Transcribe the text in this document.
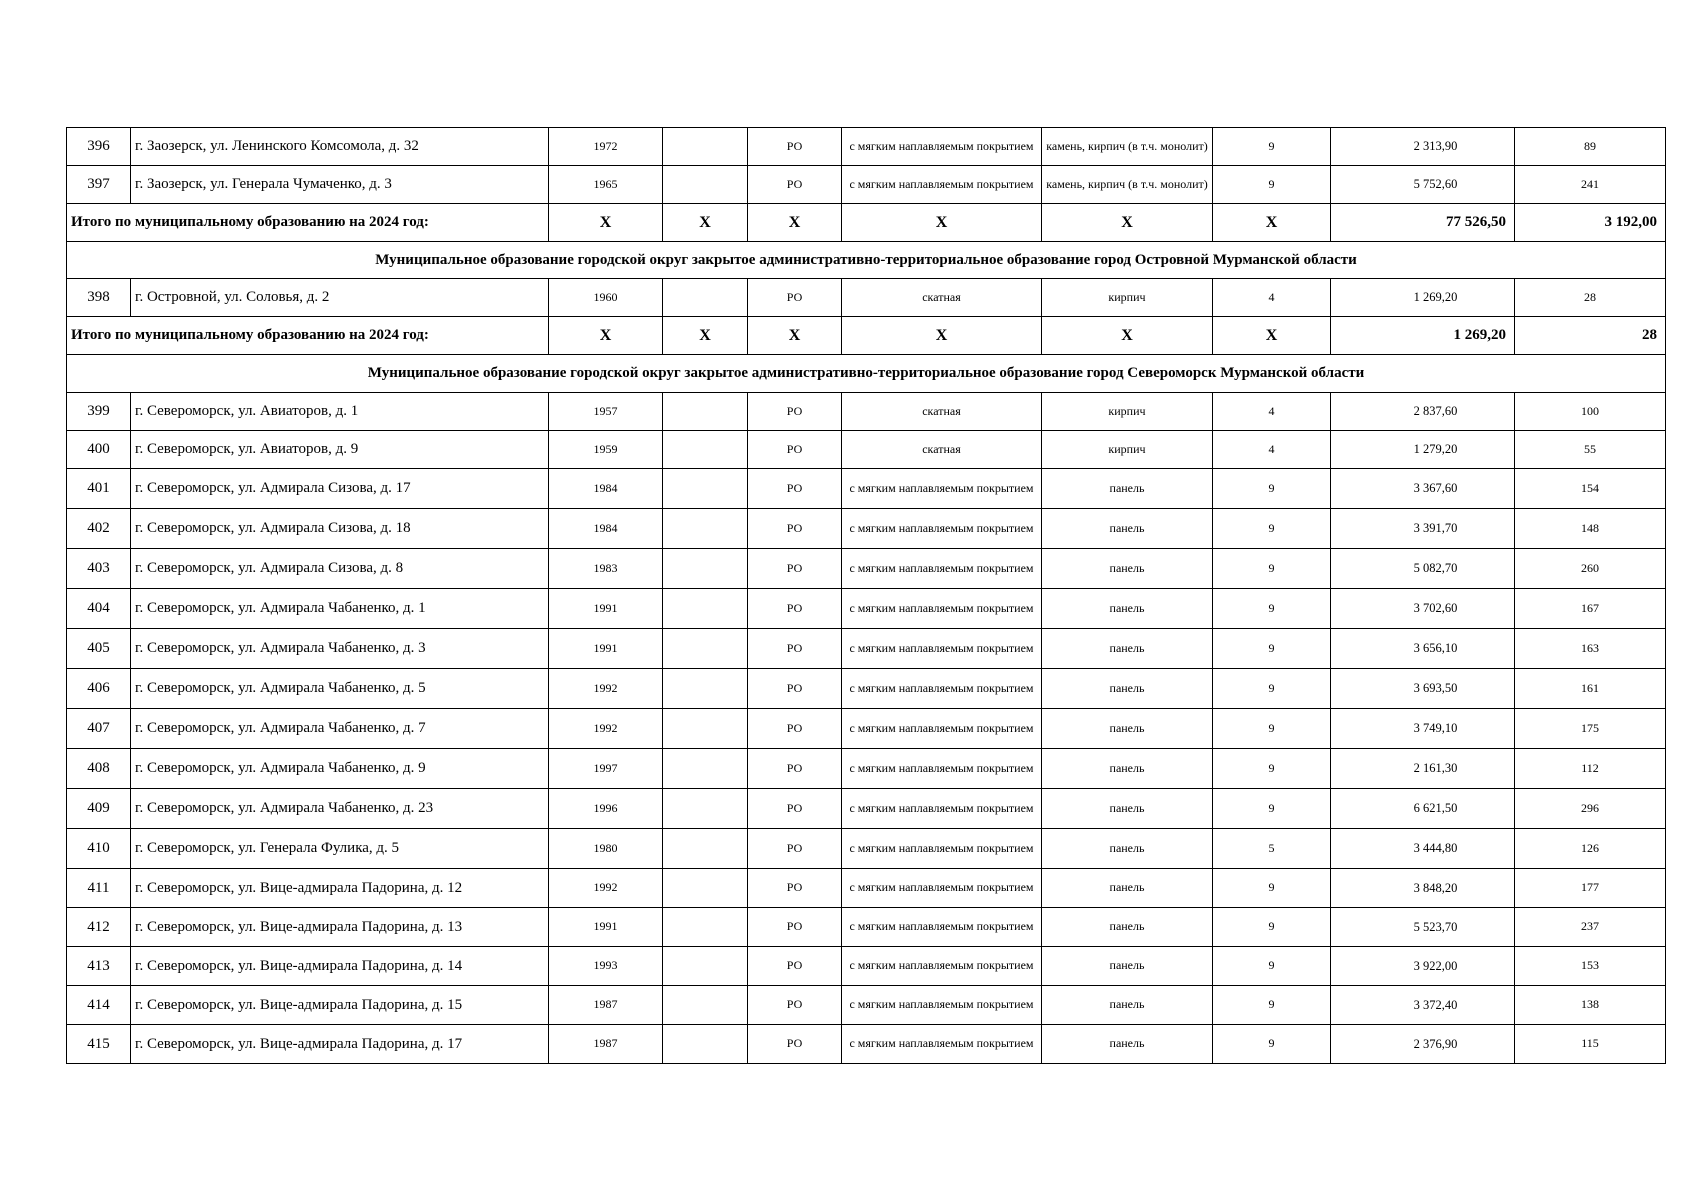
396	г. Заозерск, ул. Ленинского Комсомола, д. 32	1972		РО	с мягким наплавляемым покрытием	камень, кирпич (в т.ч. монолит)	9	2 313,90	89
397	г. Заозерск, ул. Генерала Чумаченко, д. 3	1965		РО	с мягким наплавляемым покрытием	камень, кирпич (в т.ч. монолит)	9	5 752,60	241
Итого по муниципальному образованию на 2024 год:		X	X	X	X	X	X	77 526,50	3 192,00
Муниципальное образование городской округ закрытое административно-территориальное образование город Островной Мурманской области									
398	г. Островной, ул. Соловья, д. 2	1960		РО	скатная	кирпич	4	1 269,20	28
Итого по муниципальному образованию на 2024 год:		X	X	X	X	X	X	1 269,20	28
Муниципальное образование городской округ закрытое административно-территориальное образование город Североморск Мурманской области									
399	г. Североморск, ул. Авиаторов, д. 1	1957		РО	скатная	кирпич	4	2 837,60	100
400	г. Североморск, ул. Авиаторов, д. 9	1959		РО	скатная	кирпич	4	1 279,20	55
401	г. Североморск, ул. Адмирала Сизова, д. 17	1984		РО	с мягким наплавляемым покрытием	панель	9	3 367,60	154
402	г. Североморск, ул. Адмирала Сизова, д. 18	1984		РО	с мягким наплавляемым покрытием	панель	9	3 391,70	148
403	г. Североморск, ул. Адмирала Сизова, д. 8	1983		РО	с мягким наплавляемым покрытием	панель	9	5 082,70	260
404	г. Североморск, ул. Адмирала Чабаненко, д. 1	1991		РО	с мягким наплавляемым покрытием	панель	9	3 702,60	167
405	г. Североморск, ул. Адмирала Чабаненко, д. 3	1991		РО	с мягким наплавляемым покрытием	панель	9	3 656,10	163
406	г. Североморск, ул. Адмирала Чабаненко, д. 5	1992		РО	с мягким наплавляемым покрытием	панель	9	3 693,50	161
407	г. Североморск, ул. Адмирала Чабаненко, д. 7	1992		РО	с мягким наплавляемым покрытием	панель	9	3 749,10	175
408	г. Североморск, ул. Адмирала Чабаненко, д. 9	1997		РО	с мягким наплавляемым покрытием	панель	9	2 161,30	112
409	г. Североморск, ул. Адмирала Чабаненко, д. 23	1996		РО	с мягким наплавляемым покрытием	панель	9	6 621,50	296
410	г. Североморск, ул. Генерала Фулика, д. 5	1980		РО	с мягким наплавляемым покрытием	панель	5	3 444,80	126
411	г. Североморск, ул. Вице-адмирала Падорина, д. 12	1992		РО	с мягким наплавляемым покрытием	панель	9	3 848,20	177
412	г. Североморск, ул. Вице-адмирала Падорина, д. 13	1991		РО	с мягким наплавляемым покрытием	панель	9	5 523,70	237
413	г. Североморск, ул. Вице-адмирала Падорина, д. 14	1993		РО	с мягким наплавляемым покрытием	панель	9	3 922,00	153
414	г. Североморск, ул. Вице-адмирала Падорина, д. 15	1987		РО	с мягким наплавляемым покрытием	панель	9	3 372,40	138
415	г. Североморск, ул. Вице-адмирала Падорина, д. 17	1987		РО	с мягким наплавляемым покрытием	панель	9	2 376,90	115
